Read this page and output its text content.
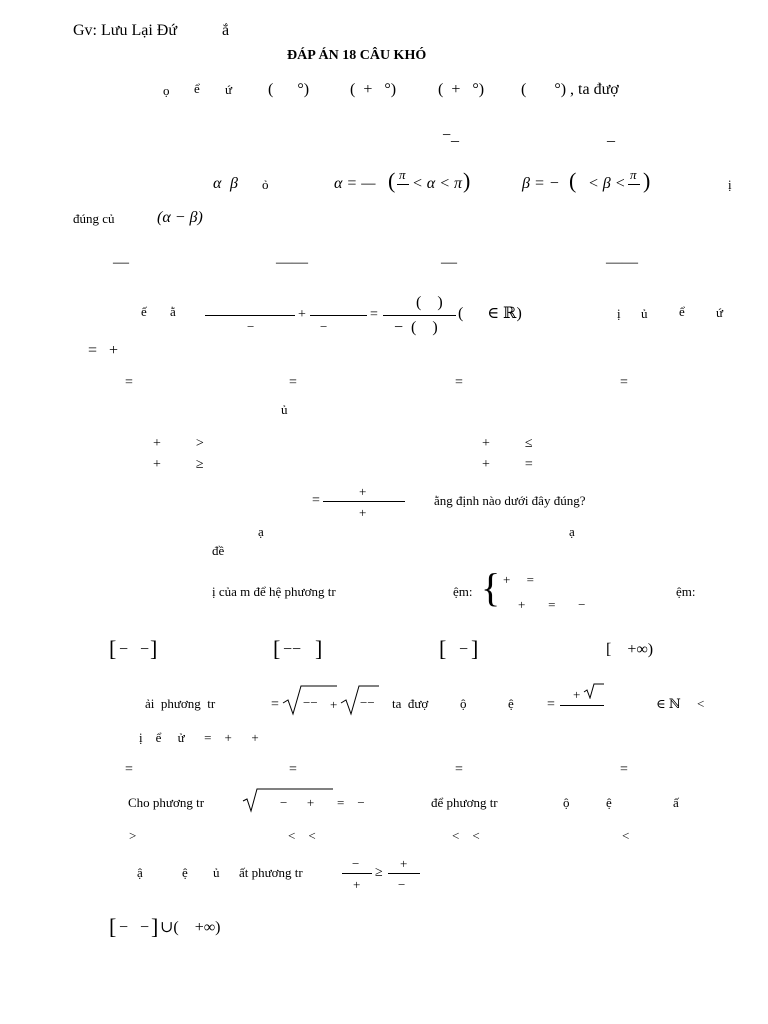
Gv: Lưu Lại Đứ	ắ
ĐÁP ÁN 18 CÂU KHÓ
ọ ể ứ (      °)	(  +   °)	(  +   °) (       °) , ta đượ
−_	_
α β ỏ	α = — ( π
< α < π )	β = − ( < β <
π )	ị
đúng củ	(α − β)
—	——	—	——
ế ằ
−
+
−
=
(    )
−  (    )
(      ∈ ℝ)	ị ủ ể ứ
=   +
=	=	=	=
ủ
+          >	+          ≤
+          ≥	+          =
=
+
+
ằng định nào dưới đây đúng?
ạ	ạ
đề
ị của m để hệ phương tr	ệm: { +     =
+       =       −
ệm:
[ −   − ]	[ −− ]	[ − ]	[    +∞)
ải  phương  tr	= −− + −− ta  đượ ộ	ệ =
+
∈ ℕ     <
ị    ể     ử      =    +      +
=	=	=	=
Cho phương tr	−      + =    −	để phương tr	ộ	ệ	ấ
>	<    <	<    <	<
ậ	ệ ủ ất phương tr
−
+
≥
+
−
[ −   − ] ∪(    +∞)
